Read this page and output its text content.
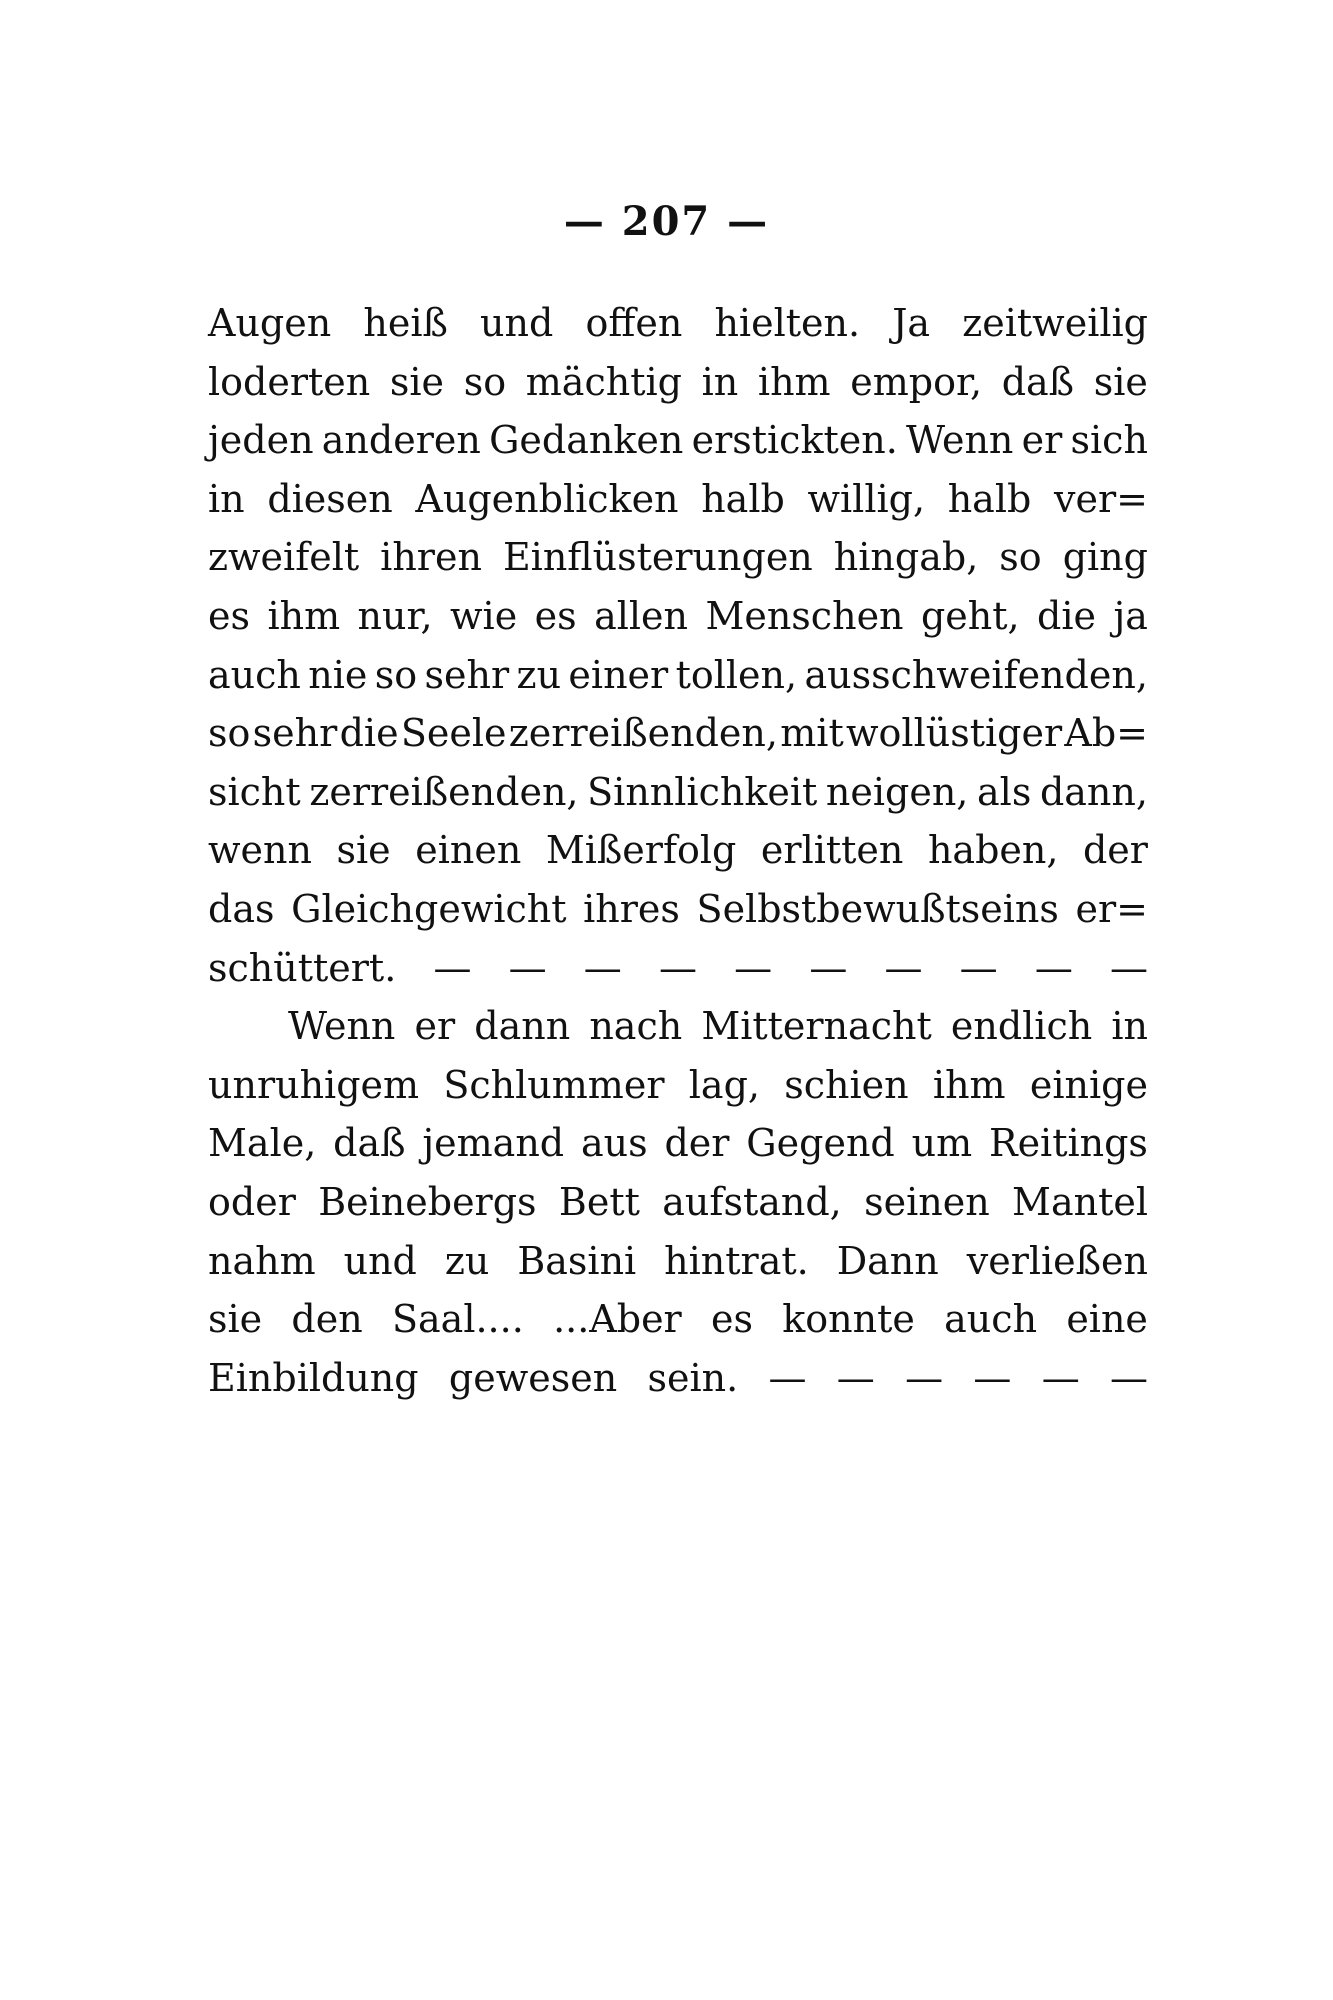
— 207 —
Augen heiß und offen hielten. Ja zeitweilig
loderten sie so mächtig in ihm empor, daß sie
jeden anderen Gedanken erstickten. Wenn er sich
in diesen Augenblicken halb willig, halb ver=
zweifelt ihren Einflüsterungen hingab, so ging
es ihm nur, wie es allen Menschen geht, die ja
auch nie so sehr zu einer tollen, ausschweifenden,
so sehr die Seele zerreißenden, mit wollüstiger Ab=
sicht zerreißenden, Sinnlichkeit neigen, als dann,
wenn sie einen Mißerfolg erlitten haben, der
das Gleichgewicht ihres Selbstbewußtseins er=
schüttert. — — — — — — — — — —
Wenn er dann nach Mitternacht endlich in
unruhigem Schlummer lag, schien ihm einige
Male, daß jemand aus der Gegend um Reitings
oder Beinebergs Bett aufstand, seinen Mantel
nahm und zu Basini hintrat. Dann verließen
sie den Saal.... ...Aber es konnte auch eine
Einbildung gewesen sein. — — — — — —
